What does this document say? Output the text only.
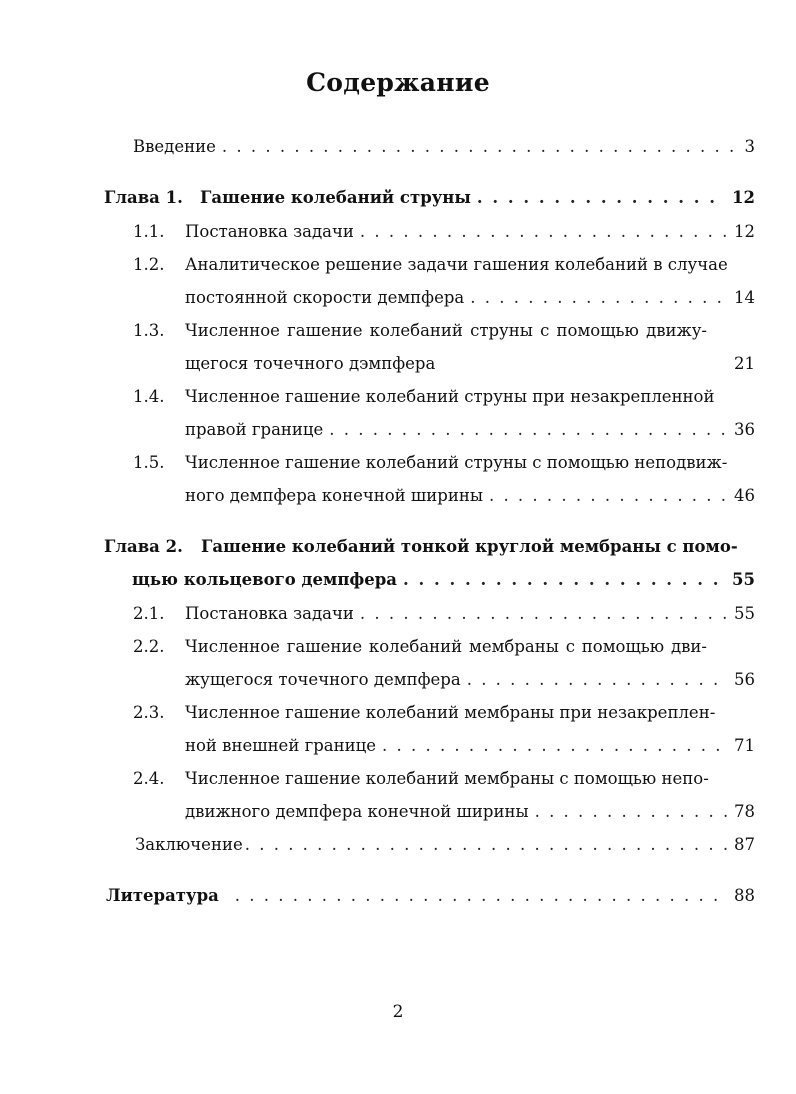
Содержание
Введение . . .	3
Глава 1.	Гашение колебаний струны . . .	12
1.1.	Постановка задачи . . .	12
1.2.	Аналитическое решение задачи гашения колебаний в случае
постоянной скорости демпфера . . .	14
1.3.	Численное гашение колебаний струны с помощью движу-
щегося точечного дэмпфера	21
1.4.	Численное гашение колебаний струны при незакрепленной
правой границе . . .	36
1.5.	Численное гашение колебаний струны с помощью неподвиж-
ного демпфера конечной ширины . . .	46
Глава 2.	Гашение колебаний тонкой круглой мембраны с помо-
щью кольцевого демпфера . . .	55
2.1.	Постановка задачи . . .	55
2.2.	Численное гашение колебаний мембраны с помощью дви-
жущегося точечного демпфера . . .	56
2.3.	Численное гашение колебаний мембраны при незакреплен-
ной внешней границе . . .	71
2.4.	Численное гашение колебаний мембраны с помощью непо-
движного демпфера конечной ширины . . .	78
Заключение . . .	87
Литература . . .	88
2
